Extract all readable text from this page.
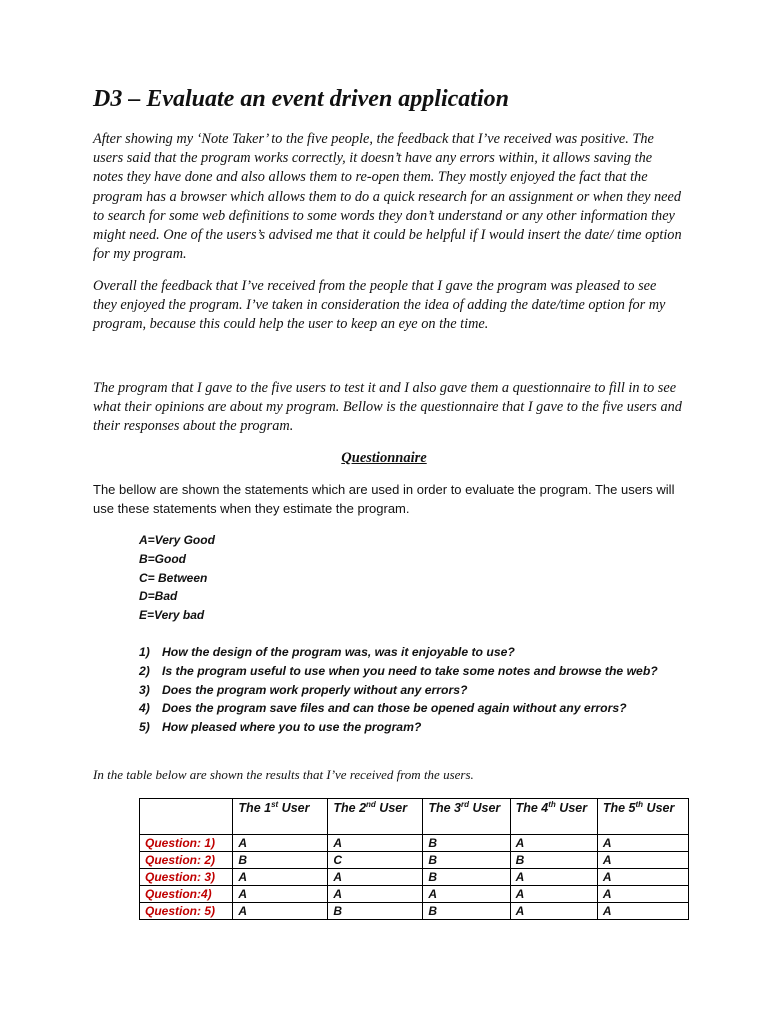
D3 – Evaluate an event driven application

After showing my ‘Note Taker’ to the five people, the feedback that I’ve received was positive. The users said that the program works correctly, it doesn’t have any errors within, it allows saving the notes they have done and also allows them to re-open them. They mostly enjoyed the fact that the program has a browser which allows them to do a quick research for an assignment or when they need to search for some web definitions to some words they don’t understand or any other information they might need. One of the users’s advised me that it could be helpful if I would insert the date/ time option for my program.

Overall the feedback that I’ve received from the people that I gave the program was pleased to see they enjoyed the program. I’ve taken in consideration the idea of adding the date/time option for my program, because this could help the user to keep an eye on the time.

The program that I gave to the five users to test it and I also gave them a questionnaire to fill in to see what their opinions are about my program. Bellow is the questionnaire that I gave to the five users and their responses about the program.

Questionnaire

The bellow are shown the statements which are used in order to evaluate the program. The users will use these statements when they estimate the program.

A=Very Good
B=Good
C= Between
D=Bad
E=Very bad
1) How the design of the program was, was it enjoyable to use?
2) Is the program useful to use when you need to take some notes and browse the web?
3) Does the program work properly without any errors?
4) Does the program save files and can those be opened again without any errors?
5) How pleased where you to use the program?

In the table below are shown the results that I’ve received from the users.

	The 1st User	The 2nd User	The 3rd User	The 4th User	The 5th User
Question: 1)	A	A	B	A	A
Question: 2)	B	C	B	B	A
Question: 3)	A	A	B	A	A
Question:4)	A	A	A	A	A
Question: 5)	A	B	B	A	A
